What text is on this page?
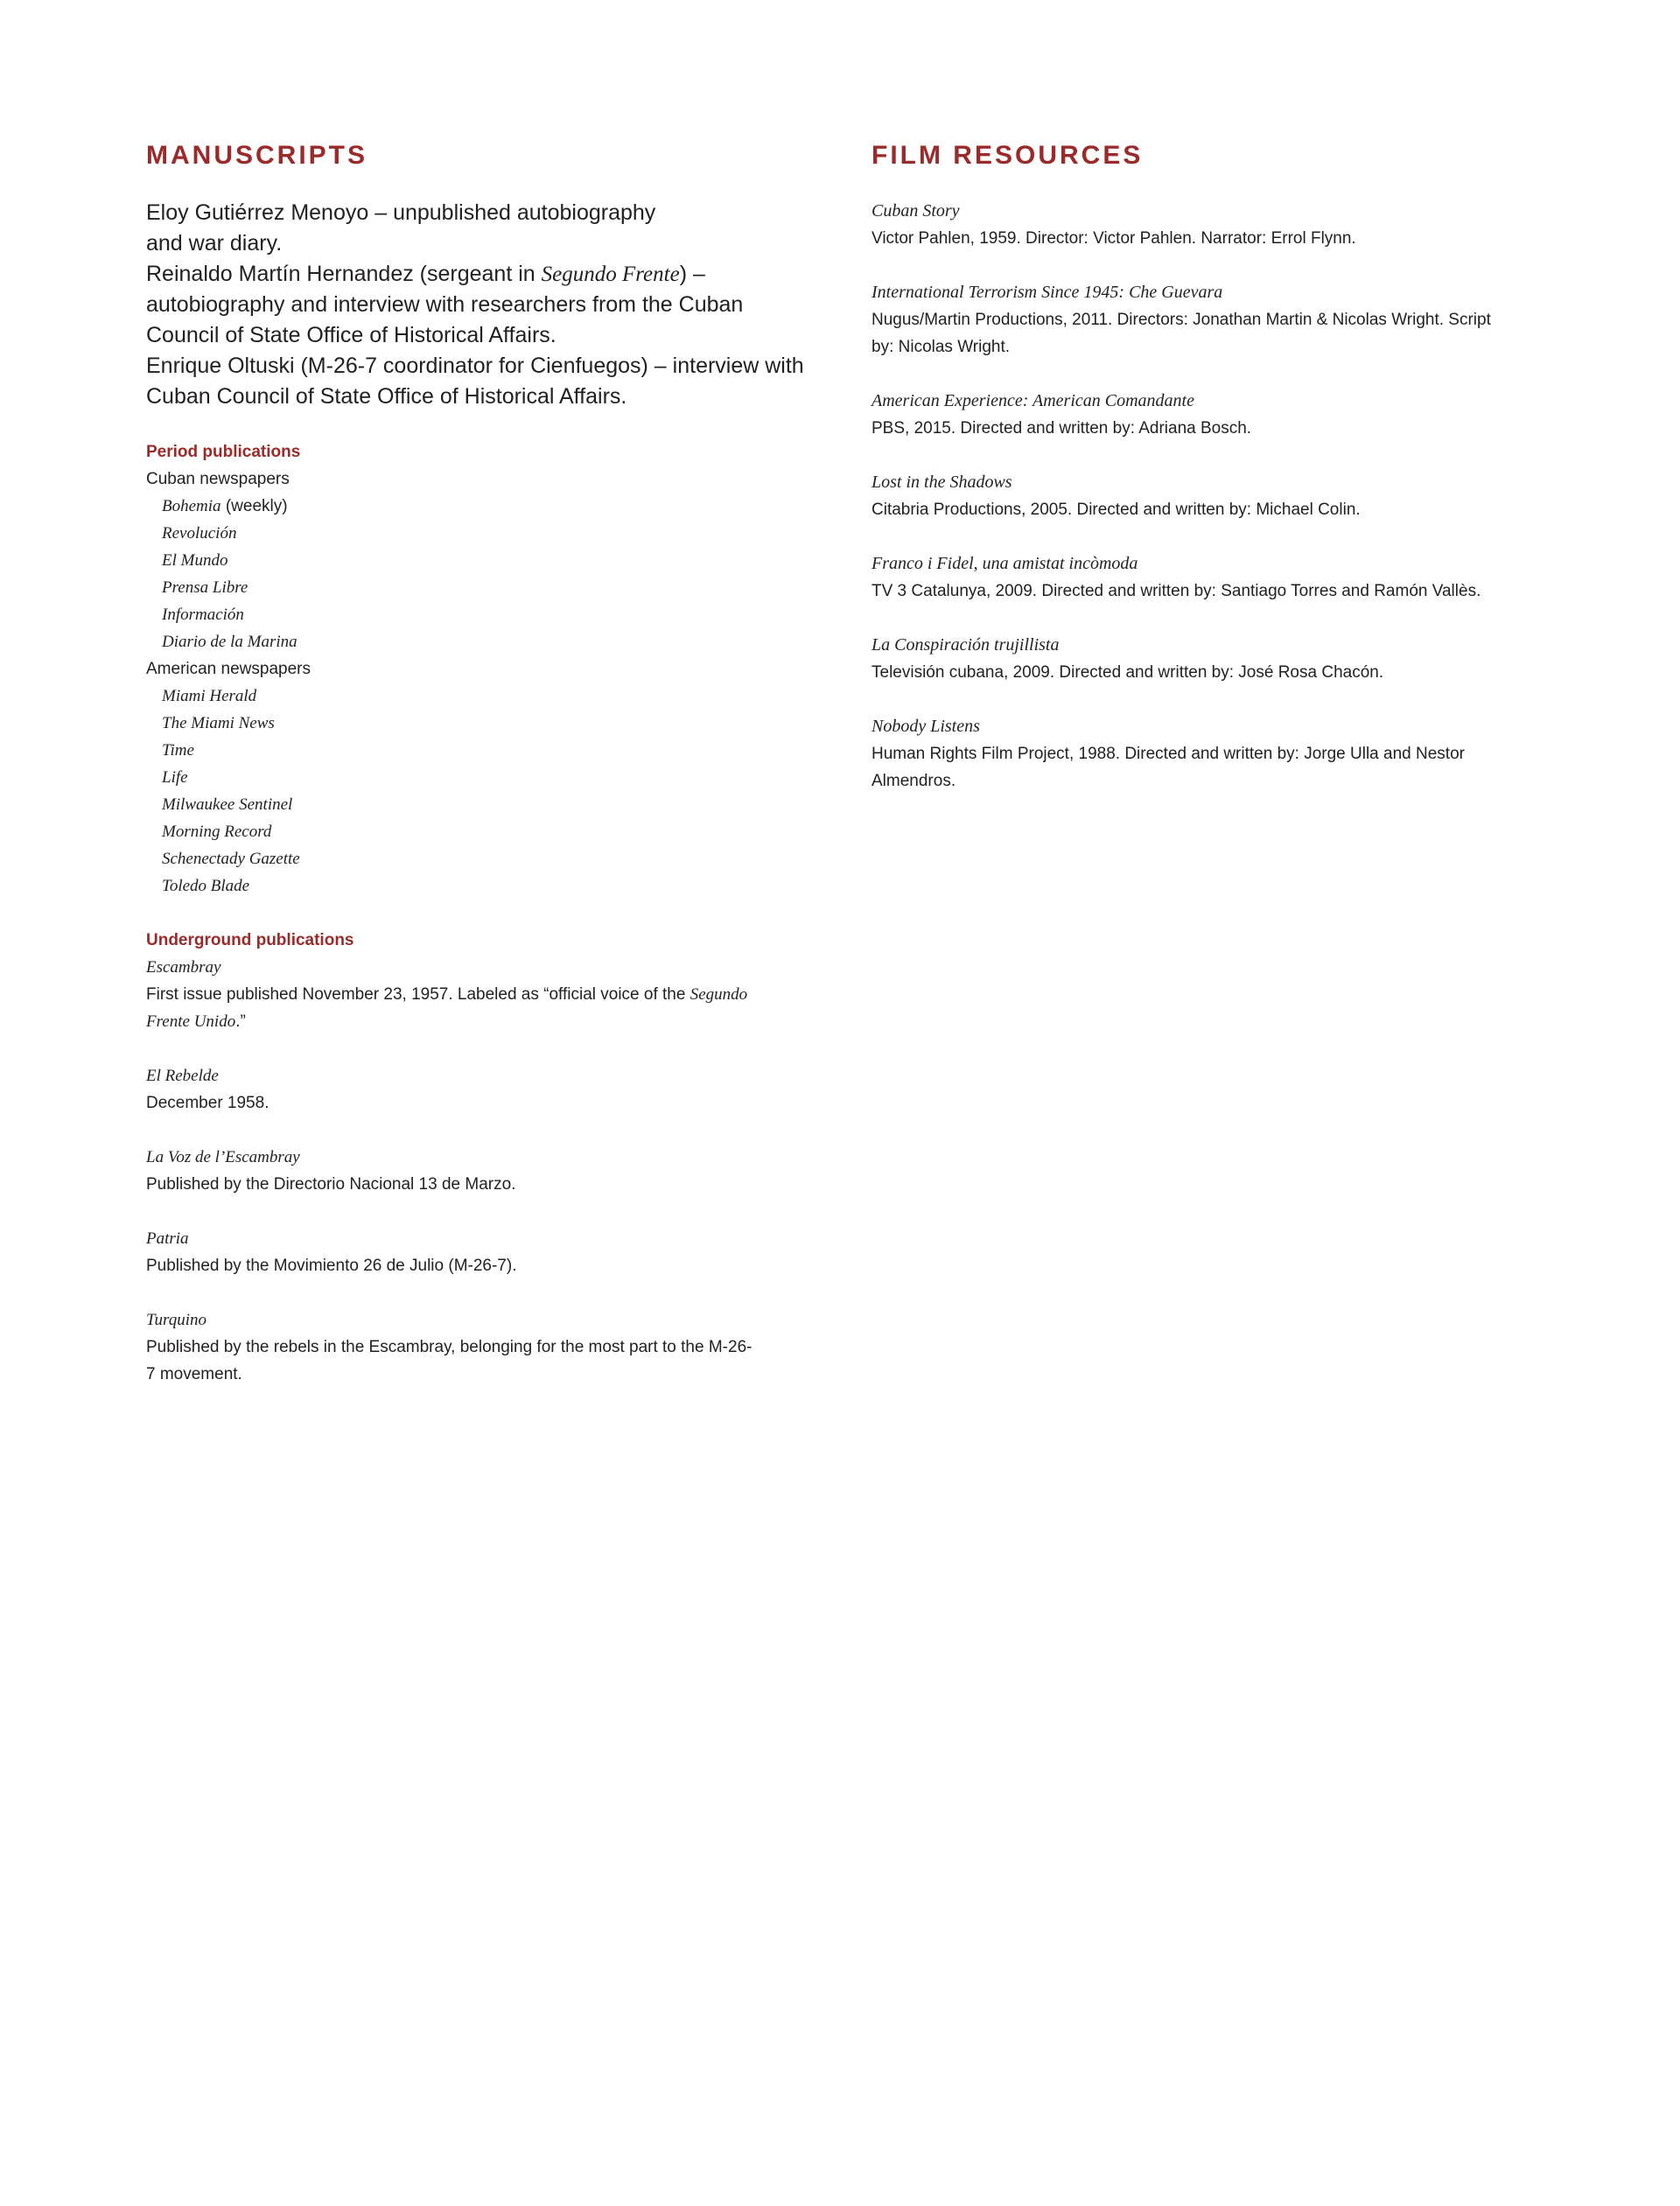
MANUSCRIPTS

Eloy Gutiérrez Menoyo – unpublished autobiography and war diary.

Reinaldo Martín Hernandez (sergeant in Segundo Frente) – autobiography and interview with researchers from the Cuban Council of State Office of Historical Affairs.

Enrique Oltuski (M-26-7 coordinator for Cienfuegos) – interview with Cuban Council of State Office of Historical Affairs.

Period publications

Cuban newspapers

Bohemia (weekly)

Revolución

El Mundo

Prensa Libre

Información

Diario de la Marina

American newspapers

Miami Herald

The Miami News

Time

Life

Milwaukee Sentinel

Morning Record

Schenectady Gazette

Toledo Blade

Underground publications

Escambray

First issue published November 23, 1957. Labeled as “official voice of the Segundo Frente Unido.”

El Rebelde

December 1958.

La Voz de l’Escambray

Published by the Directorio Nacional 13 de Marzo.

Patria

Published by the Movimiento 26 de Julio (M-26-7).

Turquino

Published by the rebels in the Escambray, belonging for the most part to the M-26-7 movement.

FILM RESOURCES
Cuban Story
Victor Pahlen, 1959. Director: Victor Pahlen. Narrator: Errol Flynn.
International Terrorism Since 1945: Che Guevara
Nugus/Martin Productions, 2011. Directors: Jonathan Martin & Nicolas Wright. Script by: Nicolas Wright.
American Experience: American Comandante
PBS, 2015. Directed and written by: Adriana Bosch.
Lost in the Shadows
Citabria Productions, 2005. Directed and written by: Michael Colin.
Franco i Fidel, una amistat incòmoda
TV 3 Catalunya, 2009. Directed and written by: Santiago Torres and Ramón Vallès.
La Conspiración trujillista
Televisión cubana, 2009. Directed and written by: José Rosa Chacón.
Nobody Listens
Human Rights Film Project, 1988. Directed and written by: Jorge Ulla and Nestor Almendros.
